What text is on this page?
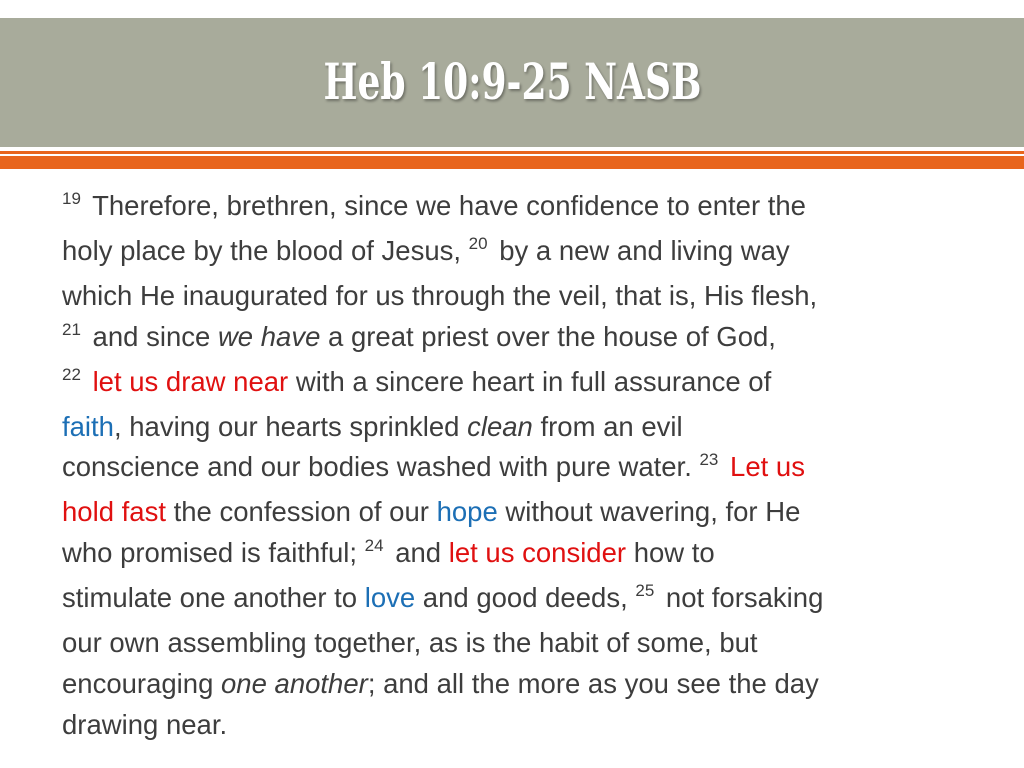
Heb 10:9-25 NASB
$^{19}$ Therefore, brethren, since we have confidence to enter the
holy place by the blood of Jesus, $^{20}$ by a new and living way
which He inaugurated for us through the veil, that is, His flesh,
$^{21}$ and since we have a great priest over the house of God,
$^{22}$ let us draw near with a sincere heart in full assurance of
faith, having our hearts sprinkled clean from an evil
conscience and our bodies washed with pure water. $^{23}$ Let us
hold fast the confession of our hope without wavering, for He
who promised is faithful; $^{24}$ and let us consider how to
stimulate one another to love and good deeds, $^{25}$ not forsaking
our own assembling together, as is the habit of some, but
encouraging one another; and all the more as you see the day
drawing near.
